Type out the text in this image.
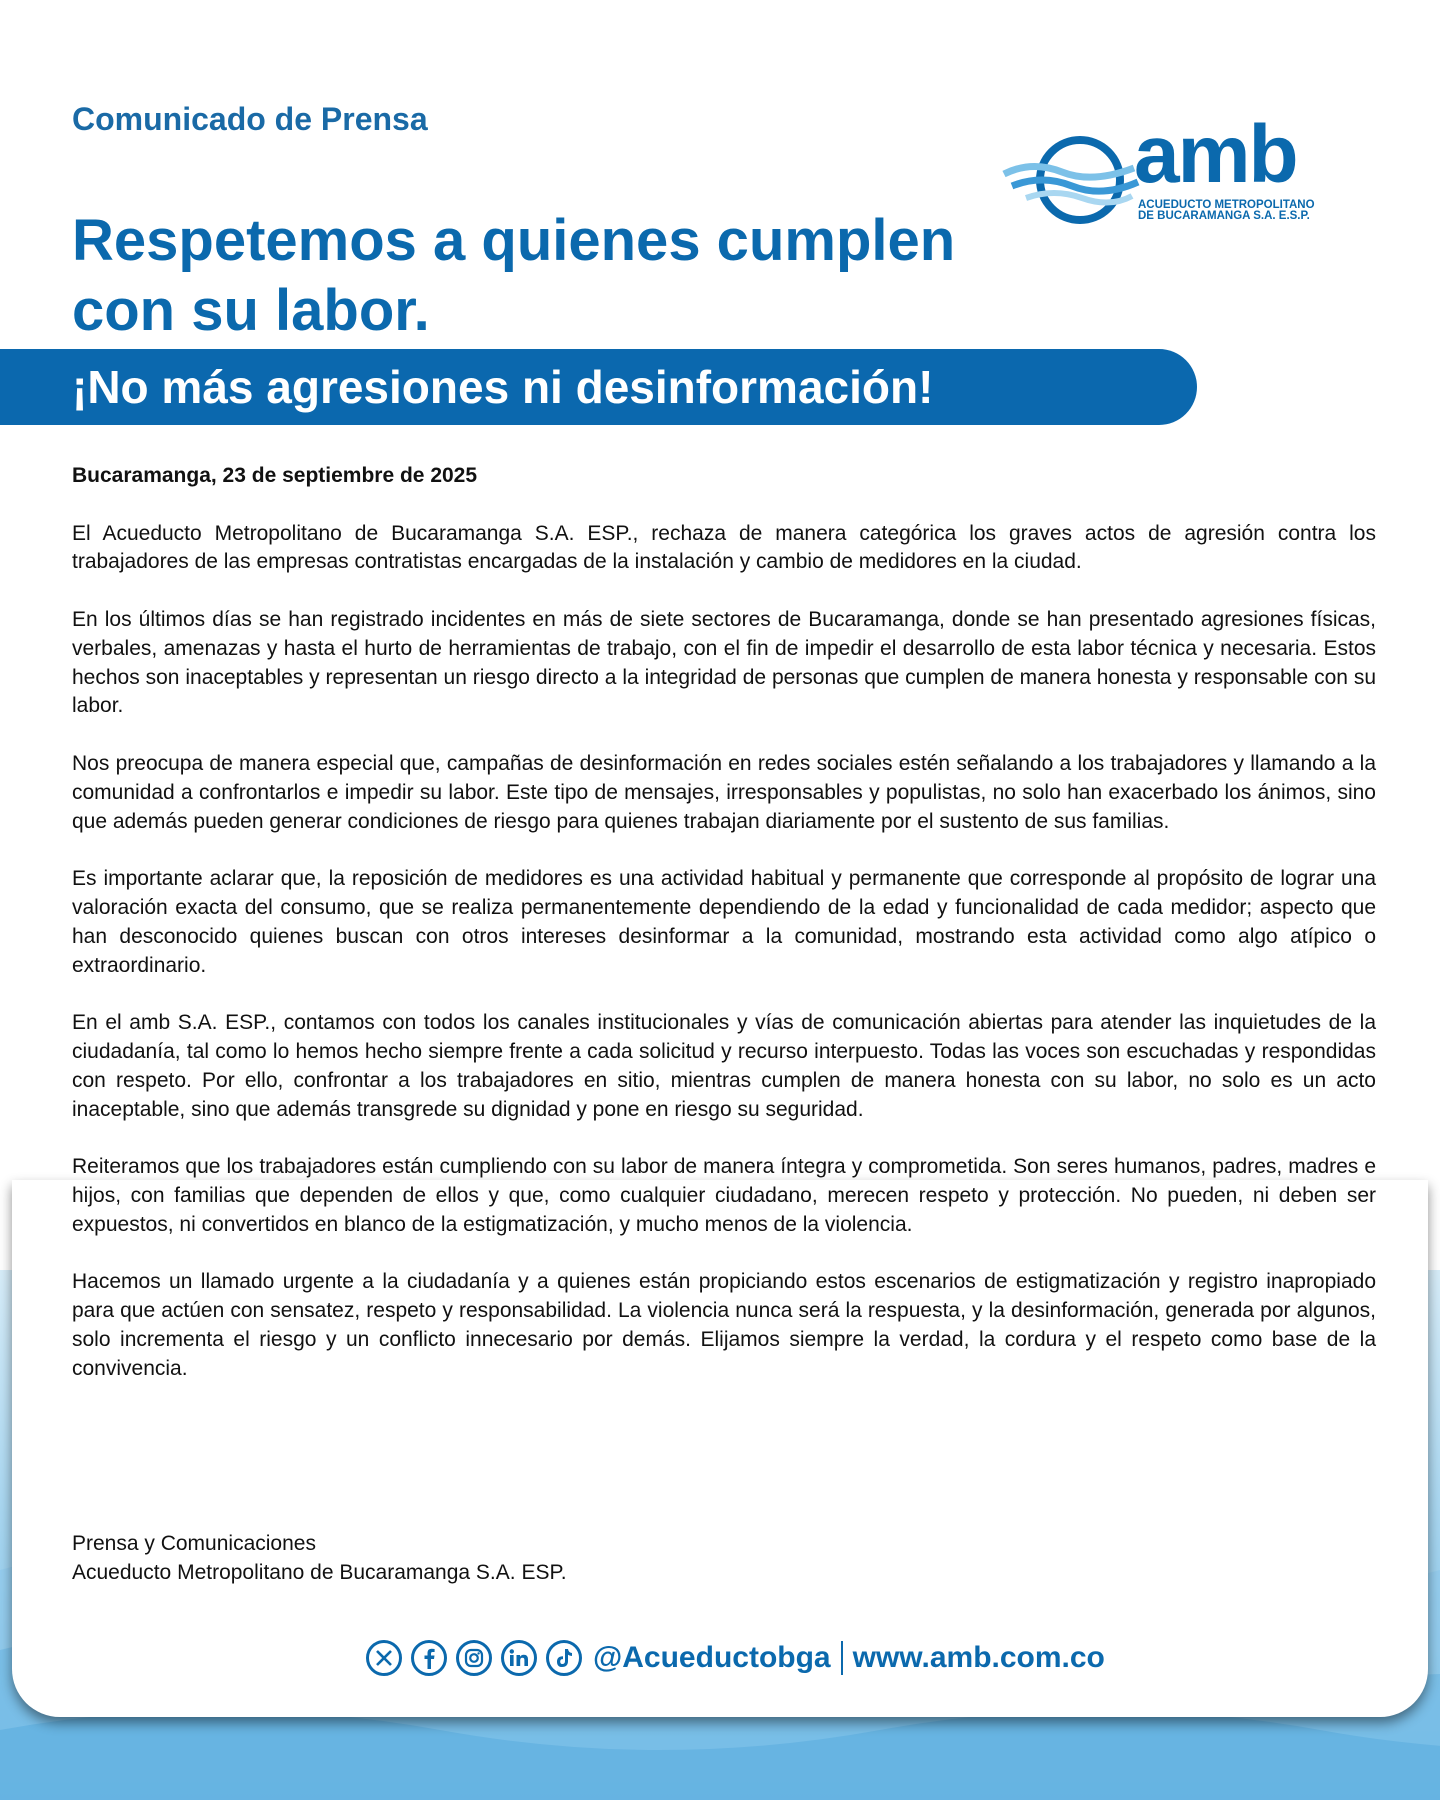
Comunicado de Prensa	amb
ACUEDUCTO METROPOLITANO
DE BUCARAMANGA S.A. E.S.P.
Respetemos a quienes cumplen con su labor.
¡No más agresiones ni desinformación!

Bucaramanga, 23 de septiembre de 2025

El Acueducto Metropolitano de Bucaramanga S.A. ESP., rechaza de manera categórica los graves actos de agresión contra los trabajadores de las empresas contratistas encargadas de la instalación y cambio de medidores en la ciudad.

En los últimos días se han registrado incidentes en más de siete sectores de Bucaramanga, donde se han presentado agresiones físicas, verbales, amenazas y hasta el hurto de herramientas de trabajo, con el fin de impedir el desarrollo de esta labor técnica y necesaria. Estos hechos son inaceptables y representan un riesgo directo a la integridad de personas que cumplen de manera honesta y responsable con su labor.

Nos preocupa de manera especial que, campañas de desinformación en redes sociales estén señalando a los trabajadores y llamando a la comunidad a confrontarlos e impedir su labor. Este tipo de mensajes, irresponsables y populistas, no solo han exacerbado los ánimos, sino que además pueden generar condiciones de riesgo para quienes trabajan diariamente por el sustento de sus familias.

Es importante aclarar que, la reposición de medidores es una actividad habitual y permanente que corresponde al propósito de lograr una valoración exacta del consumo, que se realiza permanentemente dependiendo de la edad y funcionalidad de cada medidor; aspecto que han desconocido quienes buscan con otros intereses desinformar a la comunidad, mostrando esta actividad como algo atípico o extraordinario.

En el amb S.A. ESP., contamos con todos los canales institucionales y vías de comunicación abiertas para atender las inquietudes de la ciudadanía, tal como lo hemos hecho siempre frente a cada solicitud y recurso interpuesto. Todas las voces son escuchadas y respondidas con respeto. Por ello, confrontar a los trabajadores en sitio, mientras cumplen de manera honesta con su labor, no solo es un acto inaceptable, sino que además transgrede su dignidad y pone en riesgo su seguridad.

Reiteramos que los trabajadores están cumpliendo con su labor de manera íntegra y comprometida. Son seres humanos, padres, madres e hijos, con familias que dependen de ellos y que, como cualquier ciudadano, merecen respeto y protección. No pueden, ni deben ser expuestos, ni convertidos en blanco de la estigmatización, y mucho menos de la violencia.

Hacemos un llamado urgente a la ciudadanía y a quienes están propiciando estos escenarios de estigmatización y registro inapropiado para que actúen con sensatez, respeto y responsabilidad. La violencia nunca será la respuesta, y la desinformación, generada por algunos, solo incrementa el riesgo y un conflicto innecesario por demás. Elijamos siempre la verdad, la cordura y el respeto como base de la convivencia.

Prensa y Comunicaciones
Acueducto Metropolitano de Bucaramanga S.A. ESP.
@Acueductobga www.amb.com.co
